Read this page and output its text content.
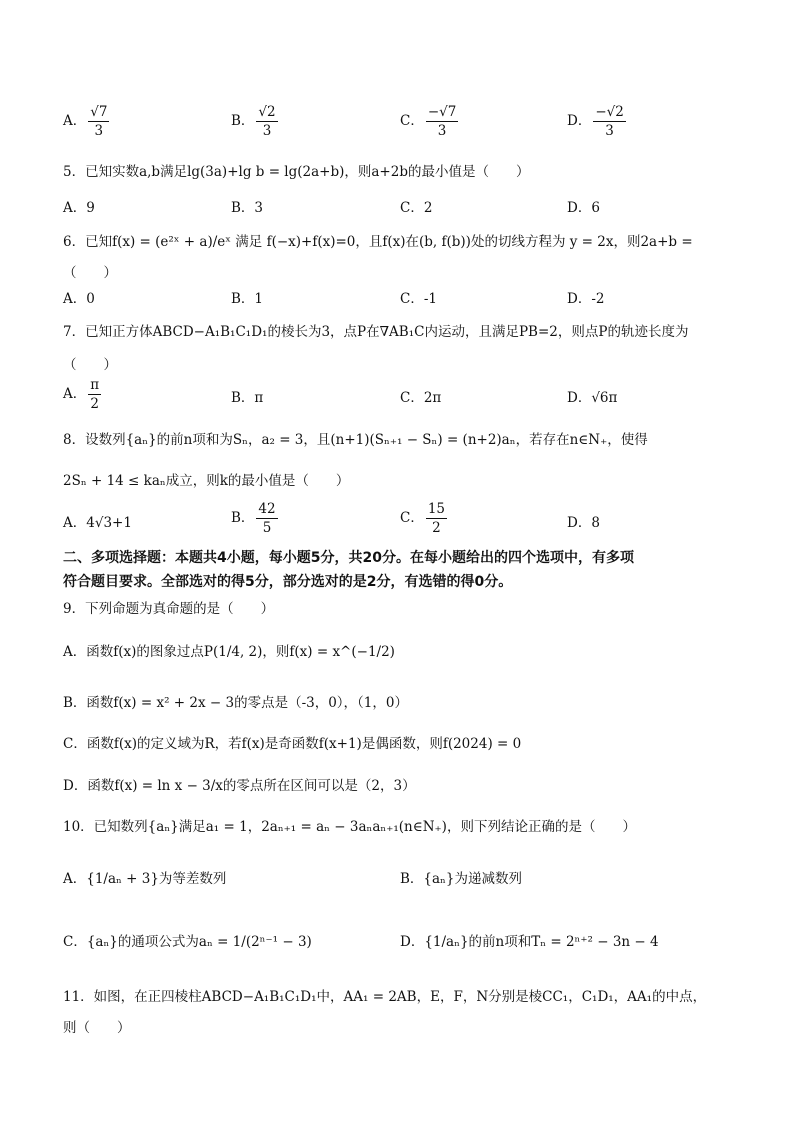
A． $\frac{√7}{3}$	B． $\frac{√2}{3}$	C． $\frac{-√7}{3}$	D． $\frac{-√2}{3}$
5．已知实数a,b满足lg(3a)+lg b = lg(2a+b)，则a+2b的最小值是（　　）
A．9	B．3	C．2	D．6
6．已知f(x) = (e²ˣ + a)/eˣ 满足 f(−x)+f(x)=0，且f(x)在(b, f(b))处的切线方程为 y = 2x，则2a+b =
（　　）
A．0	B．1	C．-1	D．-2
7．已知正方体ABCD−A₁B₁C₁D₁的棱长为3，点P在∇AB₁C内运动，且满足PB=2，则点P的轨迹长度为
（　　）
A． $\frac{\pi}{2}$	B．π	C．2π	D．√6π
8．设数列{aₙ}的前n项和为Sₙ，a₂ = 3，且(n+1)(Sₙ₊₁ − Sₙ) = (n+2)aₙ，若存在n∈N₊，使得
2Sₙ + 14 ≤ kaₙ成立，则k的最小值是（　　）
A．4√3+1	B． $\frac{42}{5}$	C． $\frac{15}{2}$	D．8
二、多项选择题：本题共4小题，每小题5分，共20分。在每小题给出的四个选项中，有多项
符合题目要求。全部选对的得5分，部分选对的是2分，有选错的得0分。
9．下列命题为真命题的是（　　）
A．函数f(x)的图象过点P(1/4, 2)，则f(x) = x^(−1/2)
B．函数f(x) = x² + 2x − 3的零点是（-3，0），（1，0）
C．函数f(x)的定义域为R，若f(x)是奇函数f(x+1)是偶函数，则f(2024) = 0
D．函数f(x) = ln x − 3/x的零点所在区间可以是（2，3）
10．已知数列{aₙ}满足a₁ = 1，2aₙ₊₁ = aₙ − 3aₙaₙ₊₁(n∈N₊)，则下列结论正确的是（　　）
A．{1/aₙ + 3}为等差数列	B．{aₙ}为递减数列
C．{aₙ}的通项公式为aₙ = 1/(2ⁿ⁻¹ − 3)	D．{1/aₙ}的前n项和Tₙ = 2ⁿ⁺² − 3n − 4
11．如图，在正四棱柱ABCD−A₁B₁C₁D₁中，AA₁ = 2AB，E，F，N分别是棱CC₁，C₁D₁，AA₁的中点，
则（　　）
